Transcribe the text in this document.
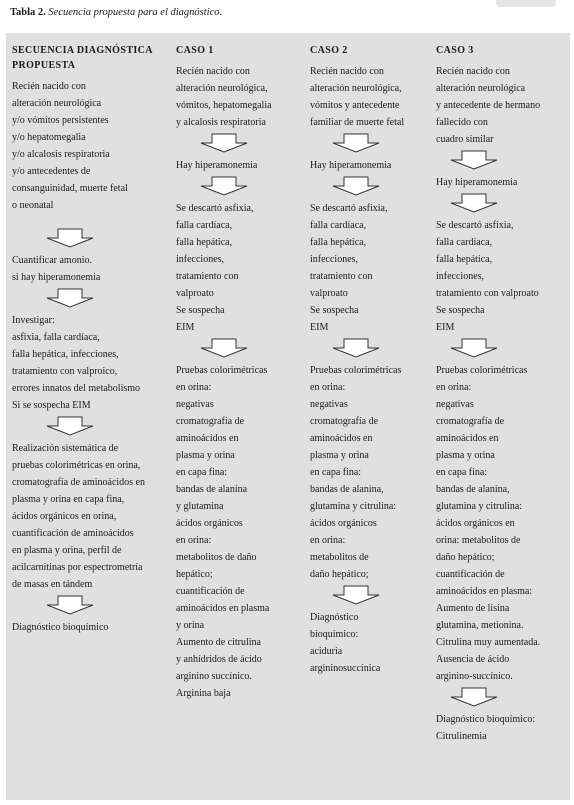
Tabla 2. Secuencia propuesta para el diagnóstico.
SECUENCIA DIAGNÓSTICA PROPUESTA
Recién nacido con
alteración neurológica
y/o vómitos persistentes
y/o hepatomegalia
y/o alcalosis respiratoria
y/o antecedentes de
consanguinidad, muerte fetal
o neonatal
Cuantificar amonio.
si hay hiperamonemia
Investigar:
asfixia, falla cardíaca,
falla hepática, infecciones,
tratamiento con valproico,
errores innatos del metabolismo
Si se sospecha EIM
Realización sistemática de
pruebas colorimétricas en orina,
cromatografía de aminoácidos en
plasma y orina en capa fina,
ácidos orgánicos en orina,
cuantificación de aminoácidos
en plasma y orina, perfil de
acilcarnitinas por espectrometría
de masas en tándem
Diagnóstico bioquímico
CASO 1
Recién nacido con
alteración neurológica,
vómitos, hepatomegalia
y alcalosis respiratoria
Hay hiperamonemia
Se descartó asfixia,
falla cardíaca,
falla hepática,
infecciones,
tratamiento con
valproato
Se sospecha
EIM
Pruebas colorimétricas
en orina:
negativas
cromatografía de
aminoácidos en
plasma y orina
en capa fina:
bandas de alanina
y glutamina
ácidos orgánicos
en orina:
metabolitos de daño
hepático;
cuantificación de
aminoácidos en plasma
y orina
Aumento de citrulina
y anhídridos de ácido
arginino succínico.
Arginina baja
CASO 2
Recién nacido con
alteración neurológica,
vómitos y antecedente
familiar de muerte fetal
Hay hiperamonemia
Se descartó asfixia,
falla cardíaca,
falla hepática,
infecciones,
tratamiento con
valproato
Se sospecha
EIM
Pruebas colorimétricas
en orina:
negativas
cromatografía de
aminoácidos en
plasma y orina
en capa fina:
bandas de alanina,
glutamina y citrulina:
ácidos orgánicos
en orina:
metabolitos de
daño hepático;
Diagnóstico
bioquímico:
aciduria
argininosuccínica
CASO 3
Recién nacido con
alteración neurológica
y antecedente de hermano
fallecido con
cuadro similar
Hay hiperamonemia
Se descartó asfixia,
falla cardíaca,
falla hepática,
infecciones,
tratamiento con valproato
Se sospecha
EIM
Pruebas colorimétricas
en orina:
negativas
cromatografía de
aminoácidos en
plasma y orina
en capa fina:
bandas de alanina,
glutamina y citrulina:
ácidos orgánicos en
orina: metabolitos de
daño hepático;
cuantificación de
aminoácidos en plasma:
Aumento de lisina
glutamina, metionina.
Citrulina muy aumentada.
Ausencia de ácido
arginino-succínico.
Diagnóstico bioquímico:
Citrulinemia
